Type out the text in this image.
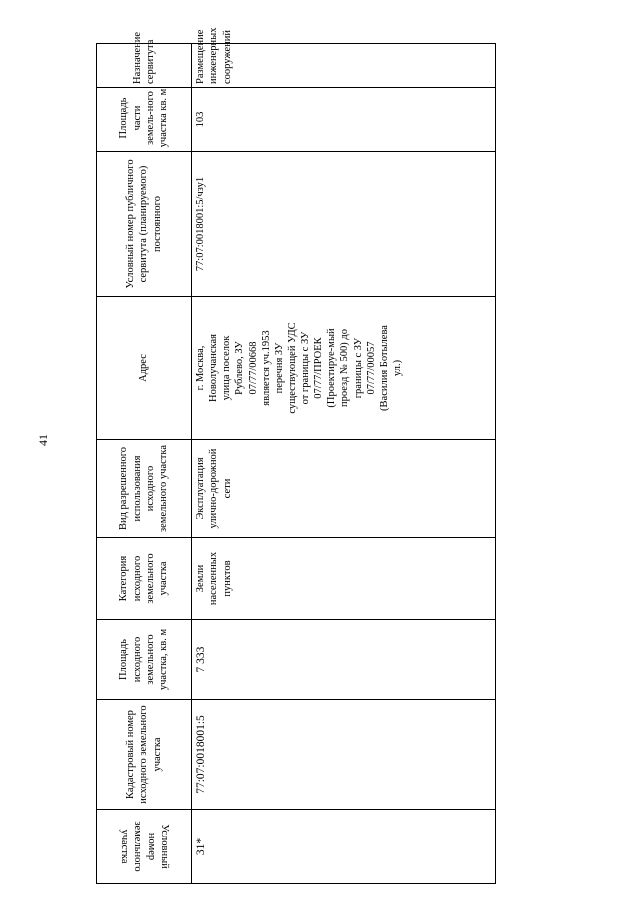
41
Условный номер земельного участка	Кадастровый номер исходного земельного участка	Площадь исходного земельного участка, кв. м	Категория исходного земельного участка	Вид разрешенного использования исходного земельного участка	Адрес	Условный номер публичного сервитута (планируемого) постоянного	Площадь части земель-ного участка кв. м	Назначение сервитута
31*	77:07:0018001:5	7 333	Земли населенных пунктов	Эксплуатация улично-дорожной сети	г. Москва, Новолучанская улица поселок Рублево, ЗУ 07/77/00668 является уч.1953 перечня ЗУ существующей УДС от границы с ЗУ 07/77/ПРОЕК (Проектируе-мый проезд № 500) до границы с ЗУ 07/77/00057 (Василия Ботылева ул.)	77:07:0018001:5/чзу1	103	Размещение инженерных сооружений
